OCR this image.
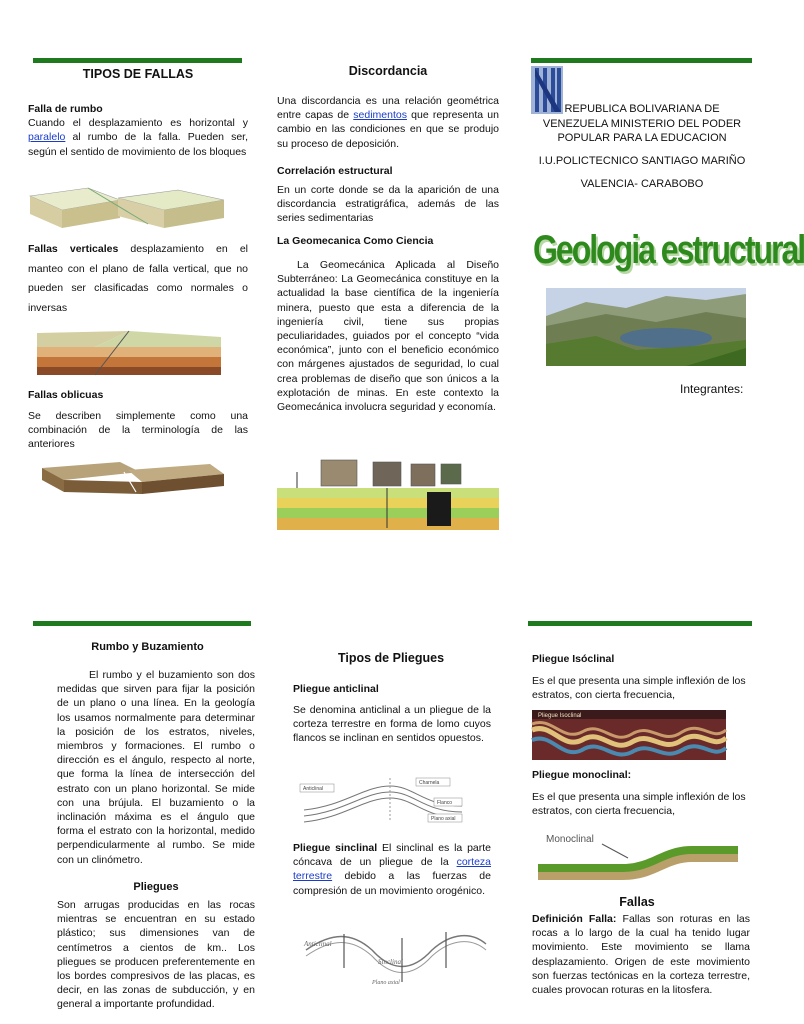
TIPOS DE FALLAS

Falla de rumbo

Cuando el desplazamiento es horizontal y paralelo al rumbo de la falla. Pueden ser, según el sentido de movimiento de los bloques

Fallas verticales desplazamiento en el manteo con el plano de falla vertical, que no pueden ser clasificadas como normales o inversas
Fallas oblicuas
Se describen simplemente como una combinación de la terminología de las anteriores
Discordancia
Una discordancia es una relación geométrica entre capas de sedimentos que representa un cambio en las condiciones en que se produjo su proceso de deposición.
Correlación estructural
En un corte donde se da la aparición de una discordancia estratigráfica, además de las series sedimentarias
La Geomecanica Como Ciencia
La Geomecánica Aplicada al Diseño Subterráneo: La Geomecánica constituye en la actualidad la base científica de la ingeniería minera, puesto que esta a diferencia de la ingeniería civil, tiene sus propias peculiaridades, guiados por el concepto “vida económica”, junto con el beneficio económico con márgenes ajustados de seguridad, lo cual crea problemas de diseño que son únicos a la explotación de minas. En este contexto la Geomecánica involucra seguridad y economía.
REPUBLICA BOLIVARIANA DE VENEZUELA MINISTERIO DEL PODER POPULAR PARA LA EDUCACION
I.U.POLICTECNICO SANTIAGO MARIÑO
VALENCIA- CARABOBO
Geologia estructural
Integrantes:
Rumbo y Buzamiento
El rumbo y el buzamiento son dos medidas que sirven para fijar la posición de un plano o una línea. En la geología los usamos normalmente para determinar la posición de los estratos, niveles, miembros y formaciones. El rumbo o dirección es el ángulo, respecto al norte, que forma la línea de intersección del estrato con un plano horizontal. Se mide con una brújula. El buzamiento o la inclinación máxima es el ángulo que forma el estrato con la horizontal, medido perpendicularmente al rumbo. Se mide con un clinómetro.
Pliegues
Son arrugas producidas en las rocas mientras se encuentran en su estado plástico; sus dimensiones van de centímetros a cientos de km.. Los pliegues se producen preferentemente en los bordes compresivos de las placas, es decir, en las zonas de subducción, y en general a importante profundidad.
Tipos de Pliegues
Pliegue anticlinal
Se denomina anticlinal a un pliegue de la corteza terrestre en forma de lomo cuyos flancos se inclinan en sentidos opuestos.
Anticlinal
Charnela
Flanco
Plano axial
Pliegue sinclinal El sinclinal es la parte cóncava de un pliegue de la corteza terrestre debido a las fuerzas de compresión de un movimiento orogénico.
Anticlinal
Sinclinal
Plano axial
Pliegue Isóclinal
Es el que presenta una simple inflexión de los estratos, con cierta frecuencia,
Pliegue Isoclinal
Pliegue monoclinal:
Es el que presenta una simple inflexión de los estratos, con cierta frecuencia,
Monoclinal
Fallas
Definición Falla: Fallas son roturas en las rocas a lo largo de la cual ha tenido lugar movimiento. Este movimiento se llama desplazamiento. Origen de este movimiento son fuerzas tectónicas en la corteza terrestre, cuales provocan roturas en la litosfera.
